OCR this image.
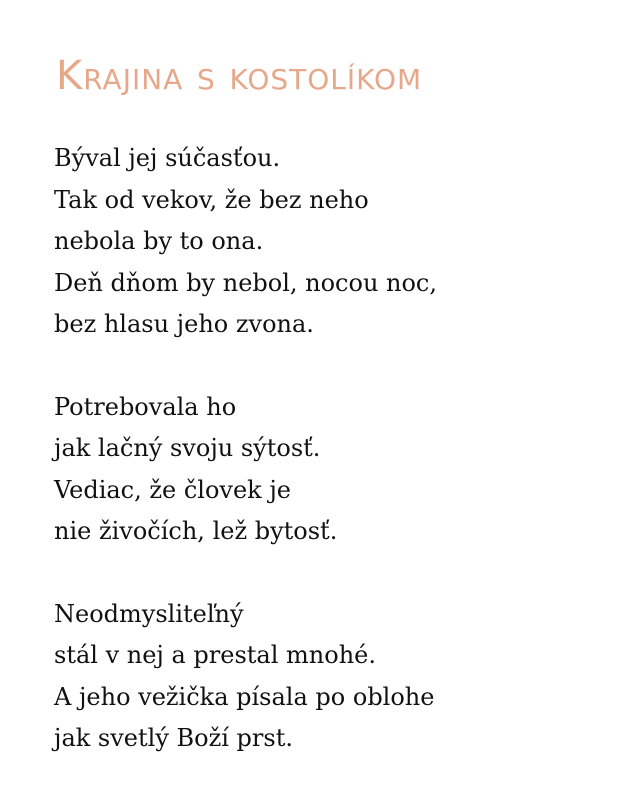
Krajina s kostolíkom
Býval jej súčasťou.
Tak od vekov, že bez neho
nebola by to ona.
Deň dňom by nebol, nocou noc,
bez hlasu jeho zvona.
Potrebovala ho
jak lačný svoju sýtosť.
Vediac, že človek je
nie živočích, lež bytosť.
Neodmysliteľný
stál v nej a prestal mnohé.
A jeho vežička písala po oblohe
jak svetlý Boží prst.
